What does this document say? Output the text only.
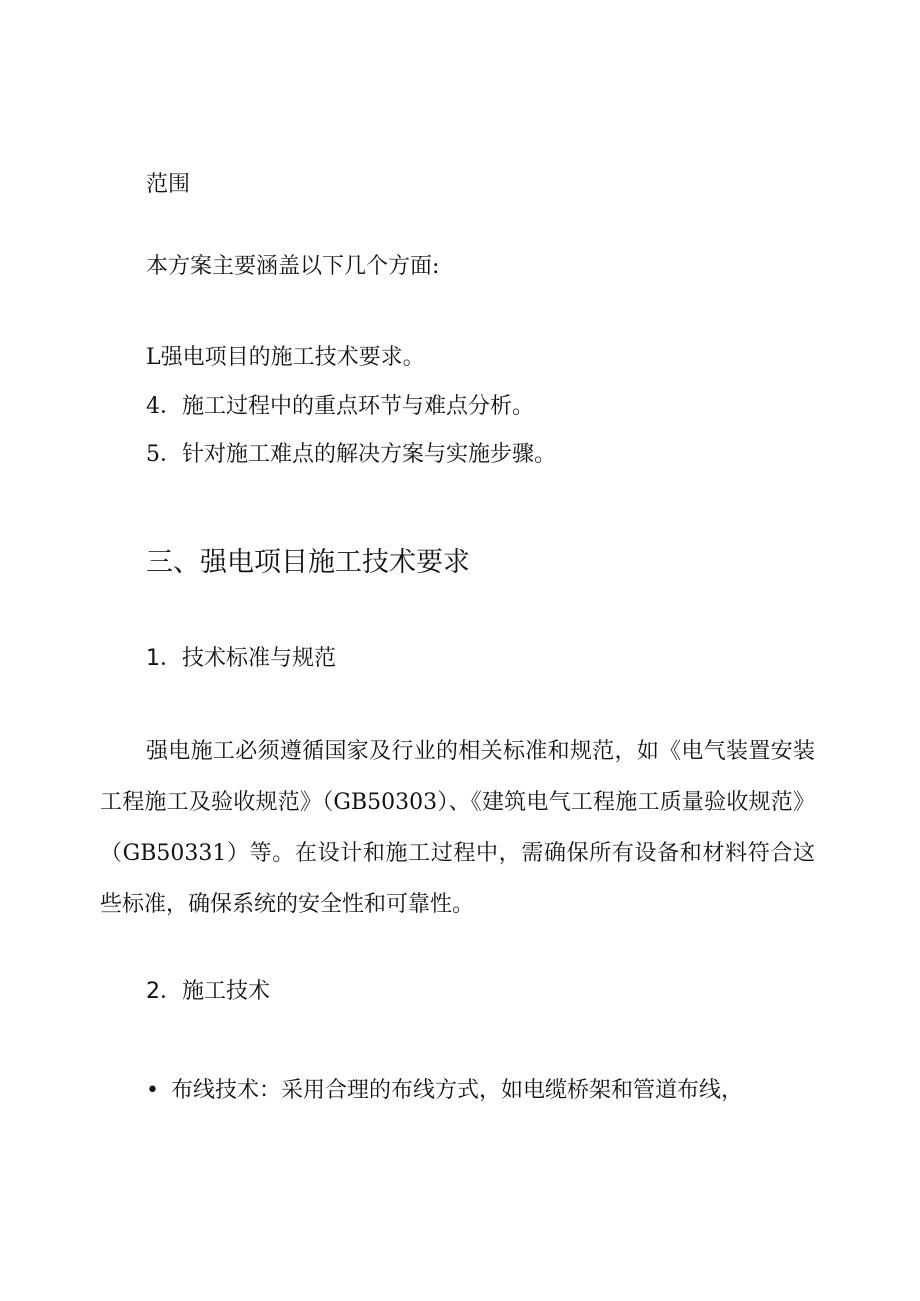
范围
本方案主要涵盖以下几个方面:
L强电项目的施工技术要求。
4．施工过程中的重点环节与难点分析。
5．针对施工难点的解决方案与实施步骤。
三、强电项目施工技术要求
1．技术标准与规范
强电施工必须遵循国家及行业的相关标准和规范，如《电气装置安装工程施工及验收规范》（GB50303）、《建筑电气工程施工质量验收规范》（GB50331）等。在设计和施工过程中，需确保所有设备和材料符合这些标准，确保系统的安全性和可靠性。
2．施工技术
• 布线技术：采用合理的布线方式，如电缆桥架和管道布线，
